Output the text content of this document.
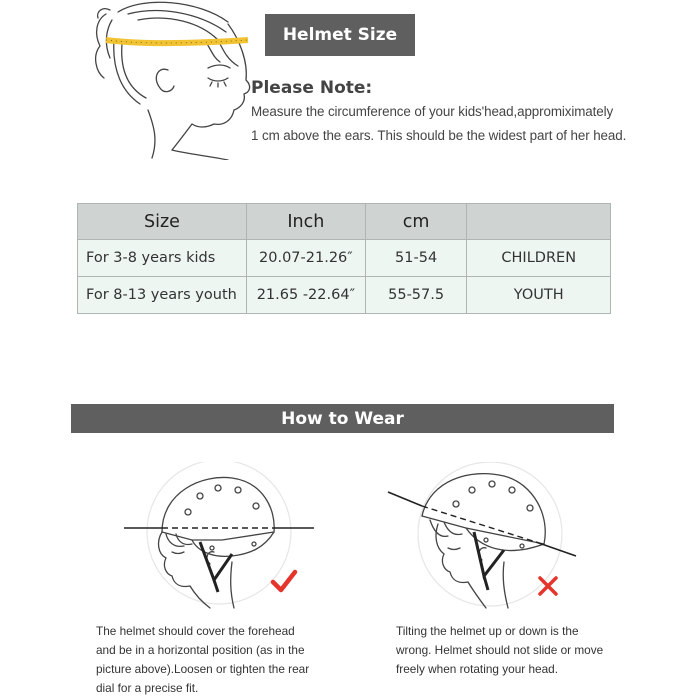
Helmet Size
Please Note:
Measure the circumference of your kids'head,appromiximately
1 cm above the ears. This should be the widest part of her head.
Size	Inch	cm	
For 3-8 years kids	20.07-21.26″	51-54	CHILDREN
For 8-13 years youth	21.65 -22.64″	55-57.5	YOUTH
How to Wear
The helmet should cover the forehead
and be in a horizontal position (as in the
picture above).Loosen or tighten the rear
dial for a precise fit.
Tilting the helmet up or down is the
wrong. Helmet should not slide or move
freely when rotating your head.
